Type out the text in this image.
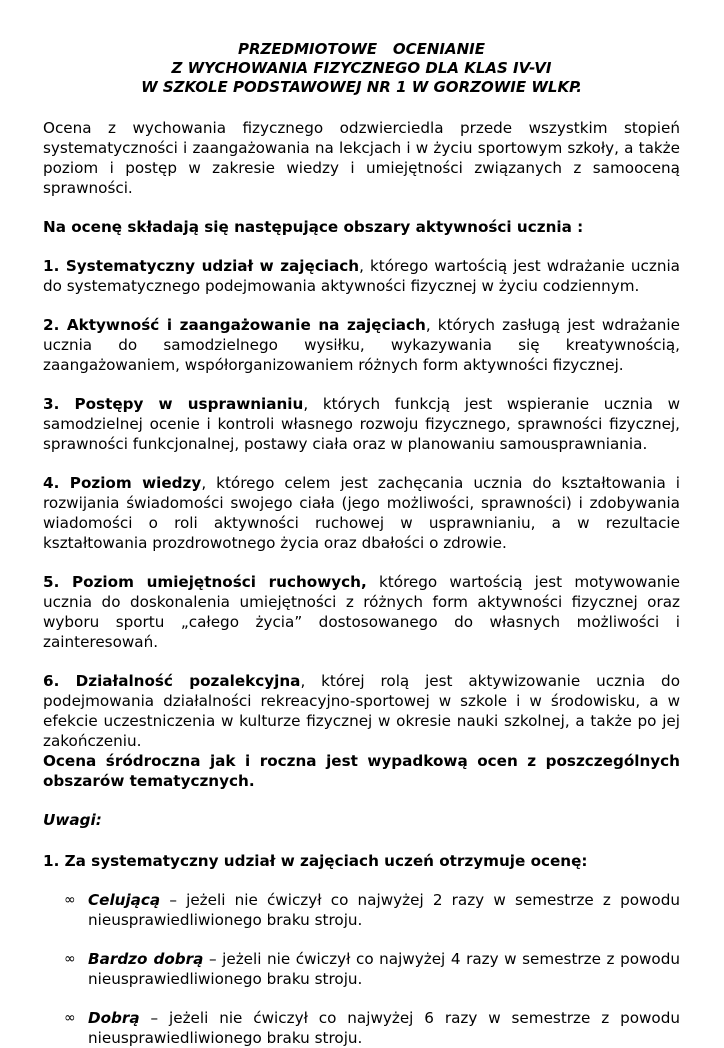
PRZEDMIOTOWE   OCENIANIE
Z WYCHOWANIA FIZYCZNEGO DLA KLAS IV-VI
W SZKOLE PODSTAWOWEJ NR 1 W GORZOWIE WLKP.

Ocena z wychowania fizycznego odzwierciedla przede wszystkim stopień systematyczności i zaangażowania na lekcjach i w życiu sportowym szkoły, a także poziom i postęp w zakresie wiedzy i umiejętności związanych z samooceną sprawności.

Na ocenę składają się następujące obszary aktywności ucznia :

1. Systematyczny udział w zajęciach, którego wartością jest wdrażanie ucznia do systematycznego podejmowania aktywności fizycznej w życiu codziennym.

2. Aktywność i zaangażowanie na zajęciach, których zasługą jest wdrażanie ucznia do samodzielnego wysiłku, wykazywania się kreatywnością, zaangażowaniem, współorganizowaniem różnych form aktywności fizycznej.

3. Postępy w usprawnianiu, których funkcją jest wspieranie ucznia w samodzielnej ocenie i kontroli własnego rozwoju fizycznego, sprawności fizycznej, sprawności funkcjonalnej, postawy ciała oraz w planowaniu samousprawniania.

4. Poziom wiedzy, którego celem jest zachęcania ucznia do kształtowania i rozwijania świadomości swojego ciała (jego możliwości, sprawności) i zdobywania wiadomości o roli aktywności ruchowej w usprawnianiu, a w rezultacie kształtowania prozdrowotnego życia oraz dbałości o zdrowie.

5. Poziom umiejętności ruchowych, którego wartością jest motywowanie ucznia do doskonalenia umiejętności z różnych form aktywności fizycznej oraz wyboru sportu „całego życia” dostosowanego do własnych możliwości i zainteresowań.

6. Działalność pozalekcyjna, której rolą jest aktywizowanie ucznia do podejmowania działalności rekreacyjno-sportowej w szkole i w środowisku, a w efekcie uczestniczenia w kulturze fizycznej w okresie nauki szkolnej, a także po jej zakończeniu.

Ocena śródroczna jak i roczna jest wypadkową ocen z poszczególnych obszarów tematycznych.

Uwagi:

1. Za systematyczny udział w zajęciach uczeń otrzymuje ocenę:

∞ Celującą – jeżeli nie ćwiczył co najwyżej 2 razy w semestrze z powodu nieusprawiedliwionego braku stroju.
∞ Bardzo dobrą – jeżeli nie ćwiczył co najwyżej 4 razy w semestrze z powodu nieusprawiedliwionego braku stroju.
∞ Dobrą – jeżeli nie ćwiczył co najwyżej 6 razy w semestrze z powodu nieusprawiedliwionego braku stroju.
